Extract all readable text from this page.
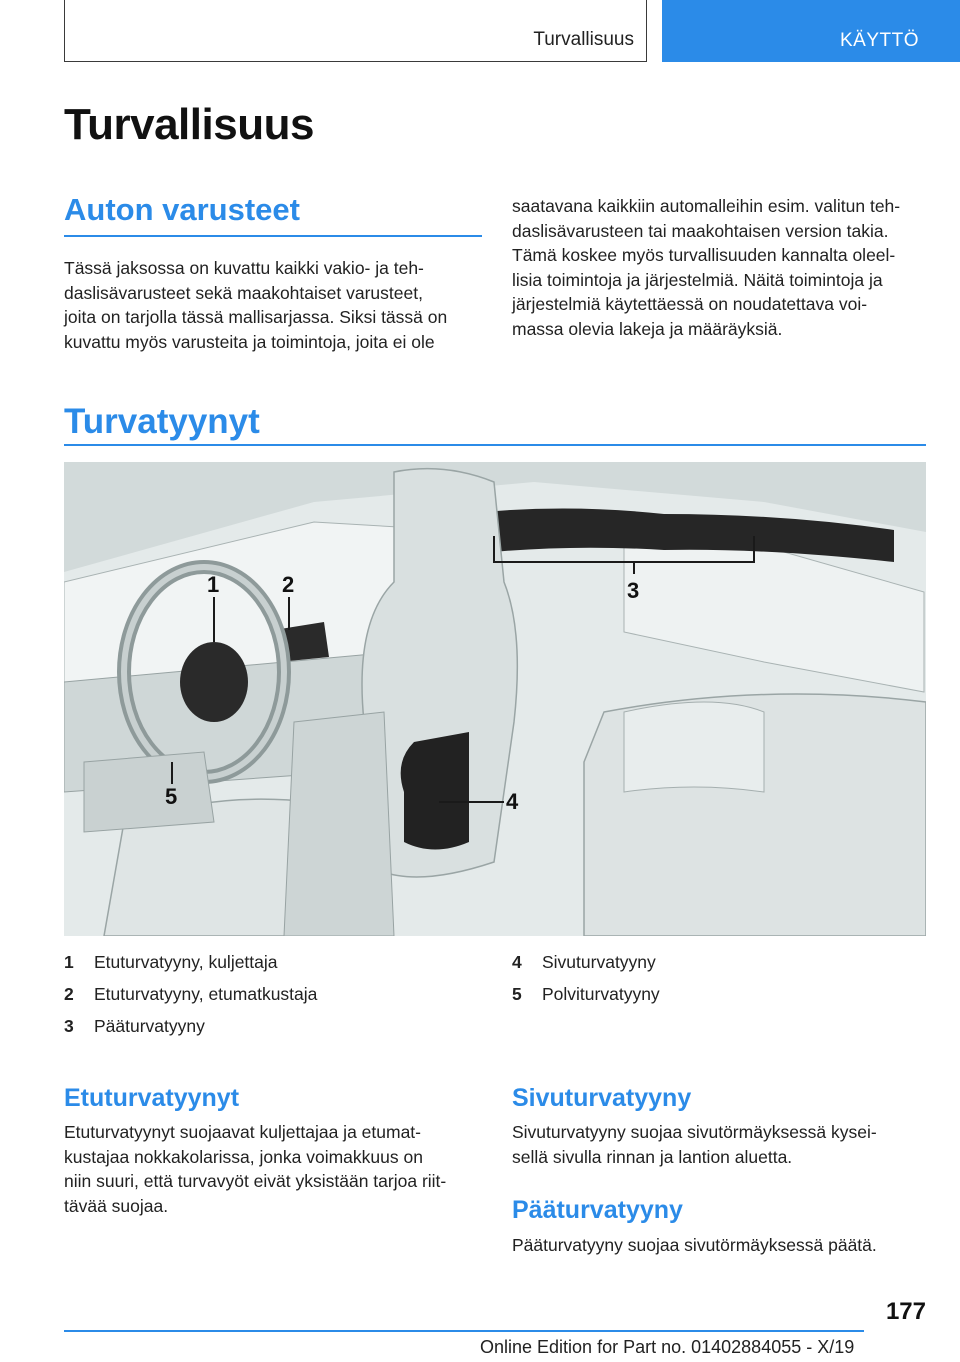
Turvallisuus	KÄYTTÖ
Turvallisuus
Auton varusteet

Tässä jaksossa on kuvattu kaikki vakio- ja teh‐
daslisävarusteet sekä maakohtaiset varusteet,
joita on tarjolla tässä mallisarjassa. Siksi tässä on
kuvattu myös varusteita ja toimintoja, joita ei ole

saatavana kaikkiin automalleihin esim. valitun teh‐
daslisävarusteen tai maakohtaisen version takia.
Tämä koskee myös turvallisuuden kannalta oleel‐
lisia toimintoja ja järjestelmiä. Näitä toimintoja ja
järjestelmiä käytettäessä on noudatettava voi‐
massa olevia lakeja ja määräyksiä.

Turvatyynyt
1	2	3
4
5
1 Etuturvatyyny, kuljettaja
2 Etuturvatyyny, etumatkustaja
3 Pääturvatyyny
4 Sivuturvatyyny
5 Polviturvatyyny
Etuturvatyynyt

Etuturvatyynyt suojaavat kuljettajaa ja etumat‐
kustajaa nokkakolarissa, jonka voimakkuus on
niin suuri, että turvavyöt eivät yksistään tarjoa riit‐
tävää suojaa.

Sivuturvatyyny

Sivuturvatyyny suojaa sivutörmäyksessä kysei‐
sellä sivulla rinnan ja lantion aluetta.

Pääturvatyyny

Pääturvatyyny suojaa sivutörmäyksessä päätä.

177
Online Edition for Part no. 01402884055 - X/19
